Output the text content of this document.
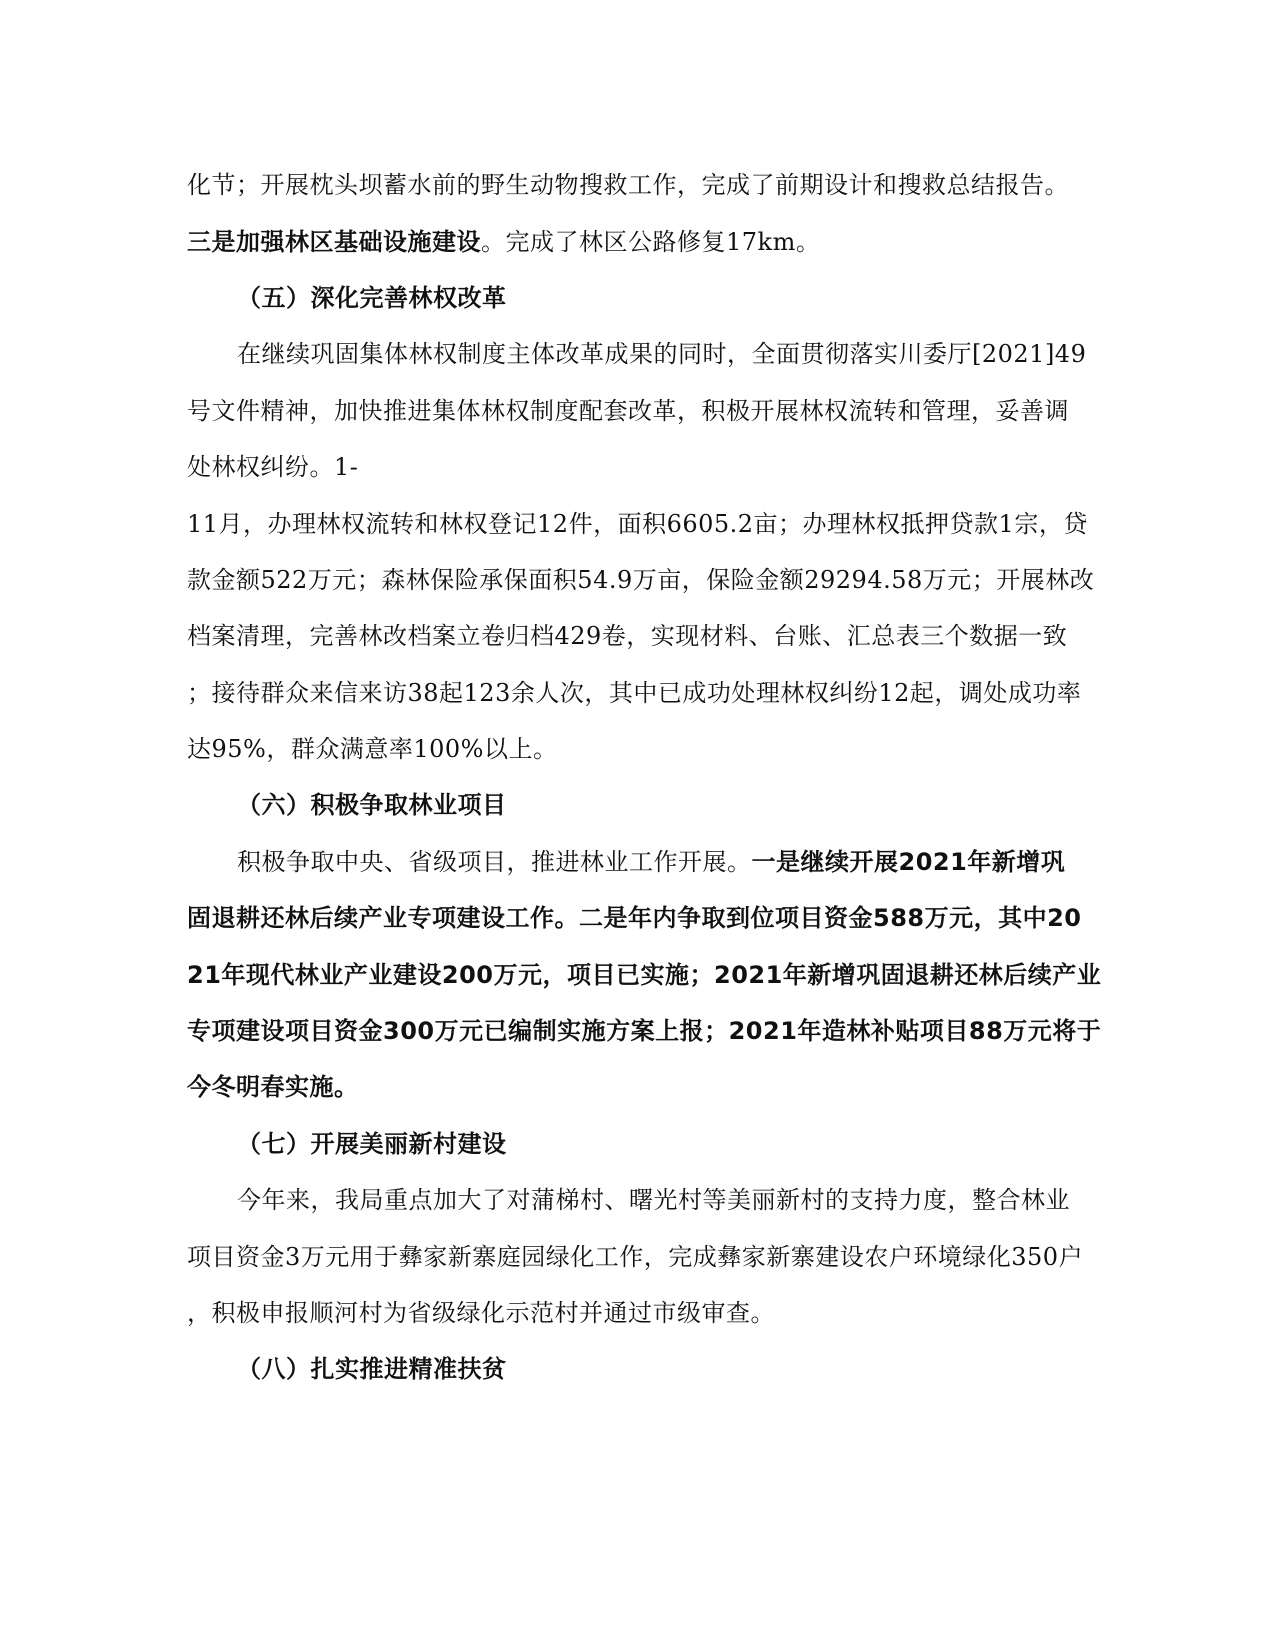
化节；开展枕头坝蓄水前的野生动物搜救工作，完成了前期设计和搜救总结报告。
三是加强林区基础设施建设。完成了林区公路修复17km。
（五）深化完善林权改革
在继续巩固集体林权制度主体改革成果的同时，全面贯彻落实川委厅[2021]49
号文件精神，加快推进集体林权制度配套改革，积极开展林权流转和管理，妥善调
处林权纠纷。1-
11月，办理林权流转和林权登记12件，面积6605.2亩；办理林权抵押贷款1宗，贷
款金额522万元；森林保险承保面积54.9万亩，保险金额29294.58万元；开展林改
档案清理，完善林改档案立卷归档429卷，实现材料、台账、汇总表三个数据一致
；接待群众来信来访38起123余人次，其中已成功处理林权纠纷12起，调处成功率
达95%，群众满意率100%以上。
（六）积极争取林业项目
积极争取中央、省级项目，推进林业工作开展。一是继续开展2021年新增巩
固退耕还林后续产业专项建设工作。二是年内争取到位项目资金588万元，其中20
21年现代林业产业建设200万元，项目已实施；2021年新增巩固退耕还林后续产业
专项建设项目资金300万元已编制实施方案上报；2021年造林补贴项目88万元将于
今冬明春实施。
（七）开展美丽新村建设
今年来，我局重点加大了对蒲梯村、曙光村等美丽新村的支持力度，整合林业
项目资金3万元用于彝家新寨庭园绿化工作，完成彝家新寨建设农户环境绿化350户
，积极申报顺河村为省级绿化示范村并通过市级审查。
（八）扎实推进精准扶贫
